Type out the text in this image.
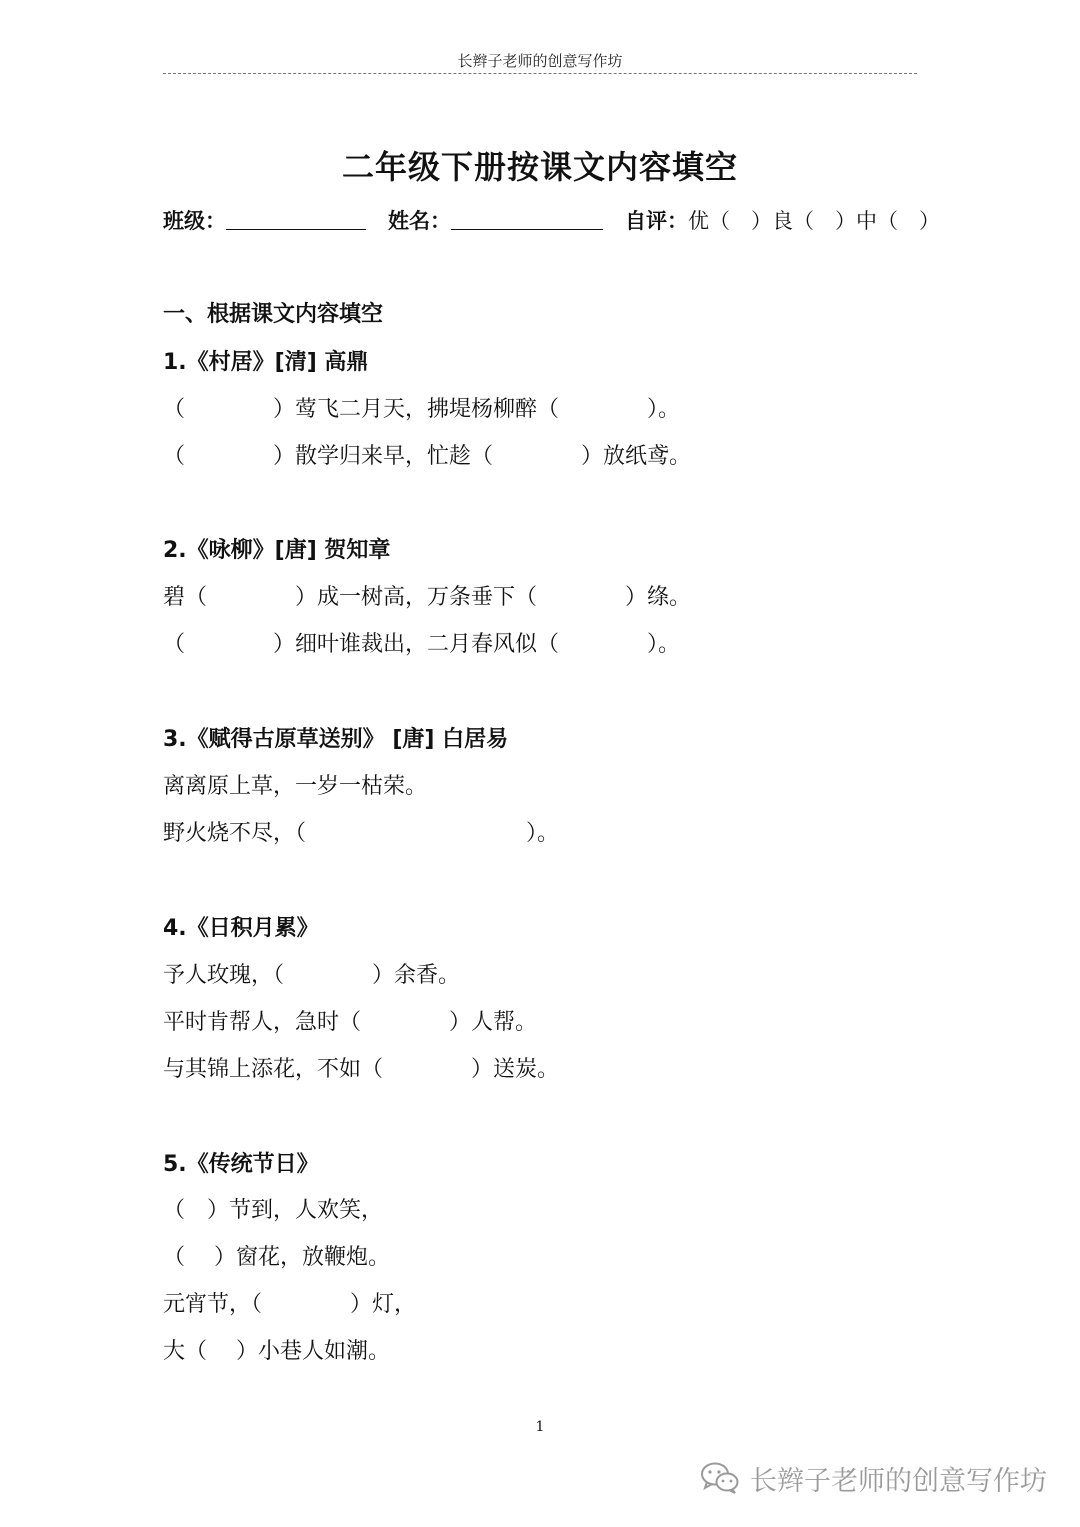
长辫子老师的创意写作坊
二年级下册按课文内容填空
班级：	姓名：	自评：优（　）良（　）中（　）
一、根据课文内容填空
1.《村居》[清] 高鼎
（　　　　）莺飞二月天，拂堤杨柳醉（　　　　）。
（　　　　）散学归来早，忙趁（　　　　）放纸鸢。
2.《咏柳》[唐] 贺知章
碧（　　　　）成一树高，万条垂下（　　　　）绦。
（　　　　）细叶谁裁出，二月春风似（　　　　）。
3.《赋得古原草送别》 [唐] 白居易
离离原上草，一岁一枯荣。
野火烧不尽，（　　　　　　　　　　）。
4.《日积月累》
予人玫瑰，（　　　　）余香。
平时肯帮人，急时（　　　　）人帮。
与其锦上添花，不如（　　　　）送炭。
5.《传统节日》
（　）节到，人欢笑，
（　 ）窗花，放鞭炮。
元宵节，（　　　　）灯，
大（　 ）小巷人如潮。
1
长辫子老师的创意写作坊
